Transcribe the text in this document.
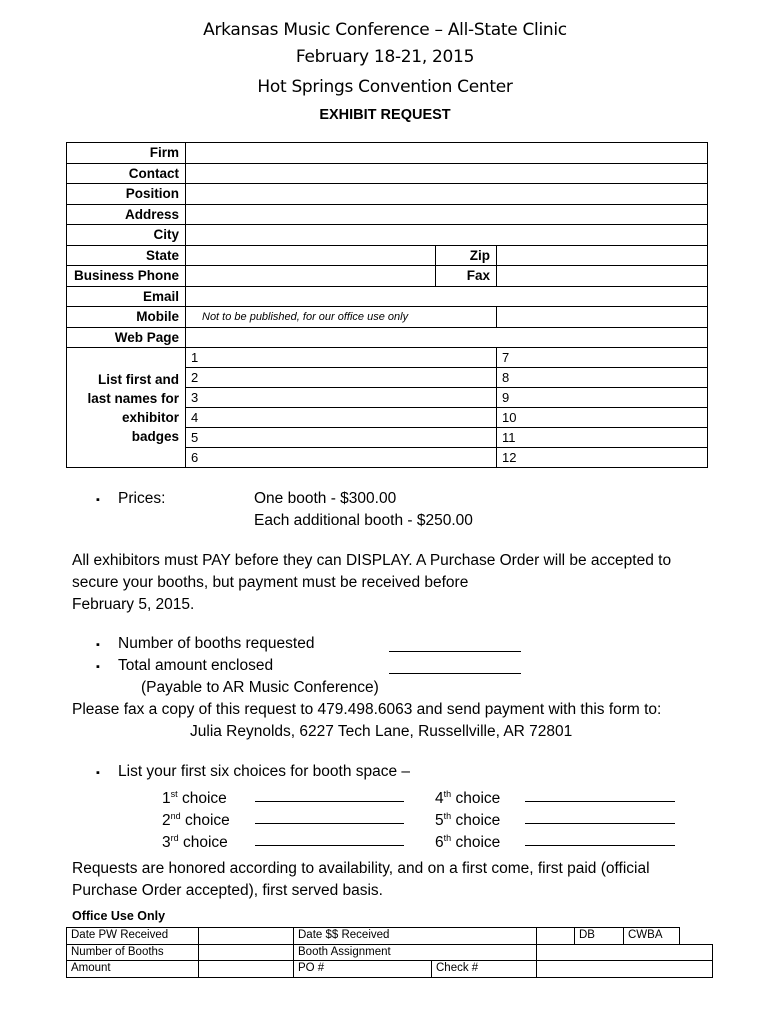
Arkansas Music Conference – All-State Clinic
February 18-21, 2015
Hot Springs Convention Center
EXHIBIT REQUEST
Firm			
Contact			
Position			
Address			
City			
State		Zip	
Business Phone		Fax	
Email			
Mobile	Not to be published, for our office use only		
Web Page			

List first and
last names for
exhibitor badges	1		7
	2		8
	3		9
	4		10
	5		11
	6		12
▪ Prices:	One booth - $300.00
Each additional booth - $250.00
All exhibitors must PAY before they can DISPLAY. A Purchase Order will be accepted to
secure your booths, but payment must be received before
February 5, 2015.
▪ Number of booths requested
▪ Total amount enclosed
(Payable to AR Music Conference)
Please fax a copy of this request to 479.498.6063 and send payment with this form to:
Julia Reynolds, 6227 Tech Lane, Russellville, AR 72801
▪ List your first six choices for booth space –
1st choice
2nd choice
3rd choice
4th choice
5th choice
6th choice
Requests are honored according to availability, and on a first come, first paid (official
Purchase Order accepted), first served basis.
Office Use Only
Date PW Received		Date $$ Received			DB	CWBA	
Number of Booths		Booth Assignment					
Amount		PO #	Check #				
